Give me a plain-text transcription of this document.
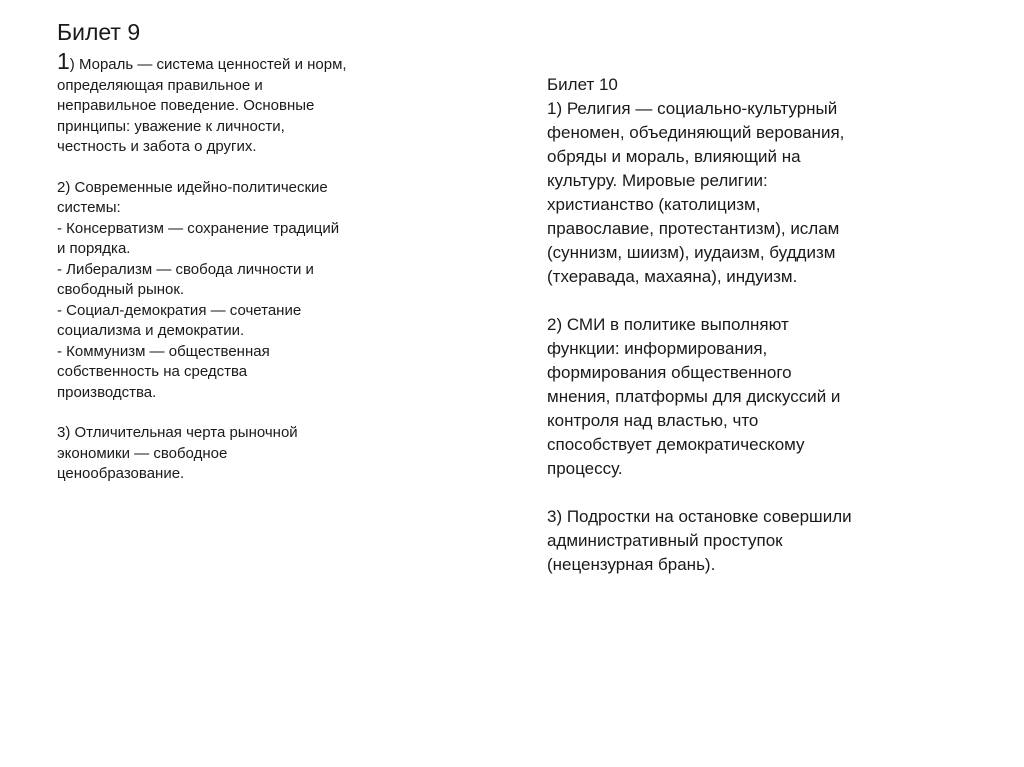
Билет 9
1) Мораль — система ценностей и норм,
определяющая правильное и
неправильное поведение. Основные
принципы: уважение к личности,
честность и забота о других.
2) Современные идейно-политические
системы:
- Консерватизм — сохранение традиций
и порядка.
- Либерализм — свобода личности и
свободный рынок.
- Социал-демократия — сочетание
социализма и демократии.
- Коммунизм — общественная
собственность на средства
производства.
3) Отличительная черта рыночной
экономики — свободное
ценообразование.
Билет 10
1) Религия — социально-культурный
феномен, объединяющий верования,
обряды и мораль, влияющий на
культуру. Мировые религии:
христианство (католицизм,
православие, протестантизм), ислам
(суннизм, шиизм), иудаизм, буддизм
(тхеравада, махаяна), индуизм.
2) СМИ в политике выполняют
функции: информирования,
формирования общественного
мнения, платформы для дискуссий и
контроля над властью, что
способствует демократическому
процессу.
3) Подростки на остановке совершили
административный проступок
(нецензурная брань).
